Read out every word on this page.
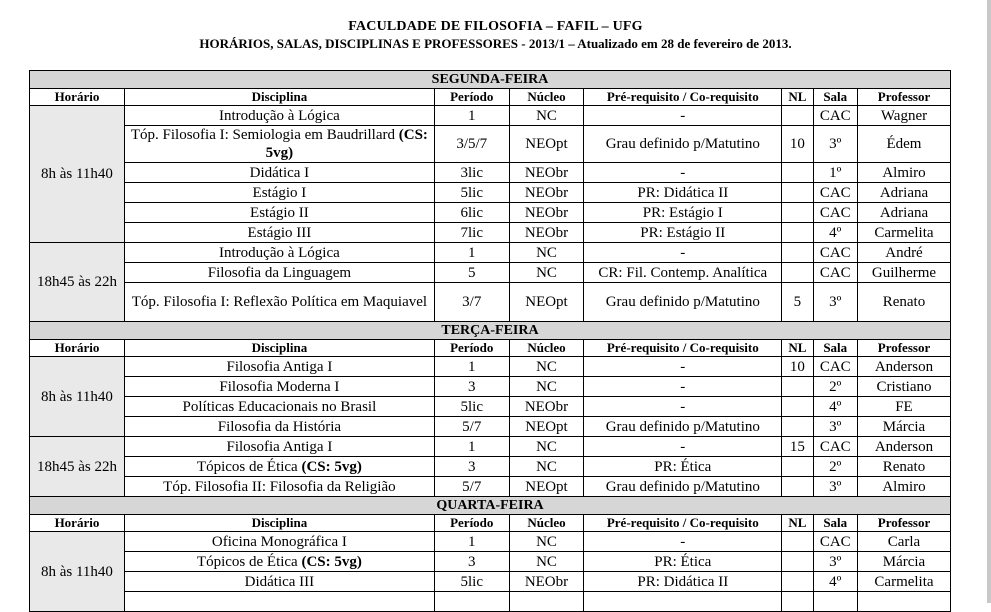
FACULDADE DE FILOSOFIA – FAFIL – UFG
HORÁRIOS, SALAS, DISCIPLINAS E PROFESSORES - 2013/1 – Atualizado em 28 de fevereiro de 2013.
SEGUNDA-FEIRA							
Horário	Disciplina	Período	Núcleo	Pré-requisito / Co-requisito	NL	Sala	Professor
8h às 11h40	Introdução à Lógica	1	NC	-		CAC	Wagner
	Tóp. Filosofia I: Semiologia em Baudrillard (CS: 5vg)	3/5/7	NEOpt	Grau definido p/Matutino	10	3º	Édem
	Didática I	3lic	NEObr	-		1º	Almiro
	Estágio I	5lic	NEObr	PR: Didática II		CAC	Adriana
	Estágio II	6lic	NEObr	PR: Estágio I		CAC	Adriana
	Estágio III	7lic	NEObr	PR: Estágio II		4º	Carmelita
18h45 às 22h	Introdução à Lógica	1	NC	-		CAC	André
	Filosofia da Linguagem	5	NC	CR: Fil. Contemp. Analítica		CAC	Guilherme
	Tóp. Filosofia I: Reflexão Política em Maquiavel	3/7	NEOpt	Grau definido p/Matutino	5	3º	Renato
TERÇA-FEIRA							
Horário	Disciplina	Período	Núcleo	Pré-requisito / Co-requisito	NL	Sala	Professor
8h às 11h40	Filosofia Antiga I	1	NC	-	10	CAC	Anderson
	Filosofia Moderna I	3	NC	-		2º	Cristiano
	Políticas Educacionais no Brasil	5lic	NEObr	-		4º	FE
	Filosofia da História	5/7	NEOpt	Grau definido p/Matutino		3º	Márcia
18h45 às 22h	Filosofia Antiga I	1	NC	-	15	CAC	Anderson
	Tópicos de Ética (CS: 5vg)	3	NC	PR: Ética		2º	Renato
	Tóp. Filosofia II: Filosofia da Religião	5/7	NEOpt	Grau definido p/Matutino		3º	Almiro
QUARTA-FEIRA							
Horário	Disciplina	Período	Núcleo	Pré-requisito / Co-requisito	NL	Sala	Professor
8h às 11h40	Oficina Monográfica I	1	NC	-		CAC	Carla
	Tópicos de Ética (CS: 5vg)	3	NC	PR: Ética		3º	Márcia
	Didática III	5lic	NEObr	PR: Didática II		4º	Carmelita
